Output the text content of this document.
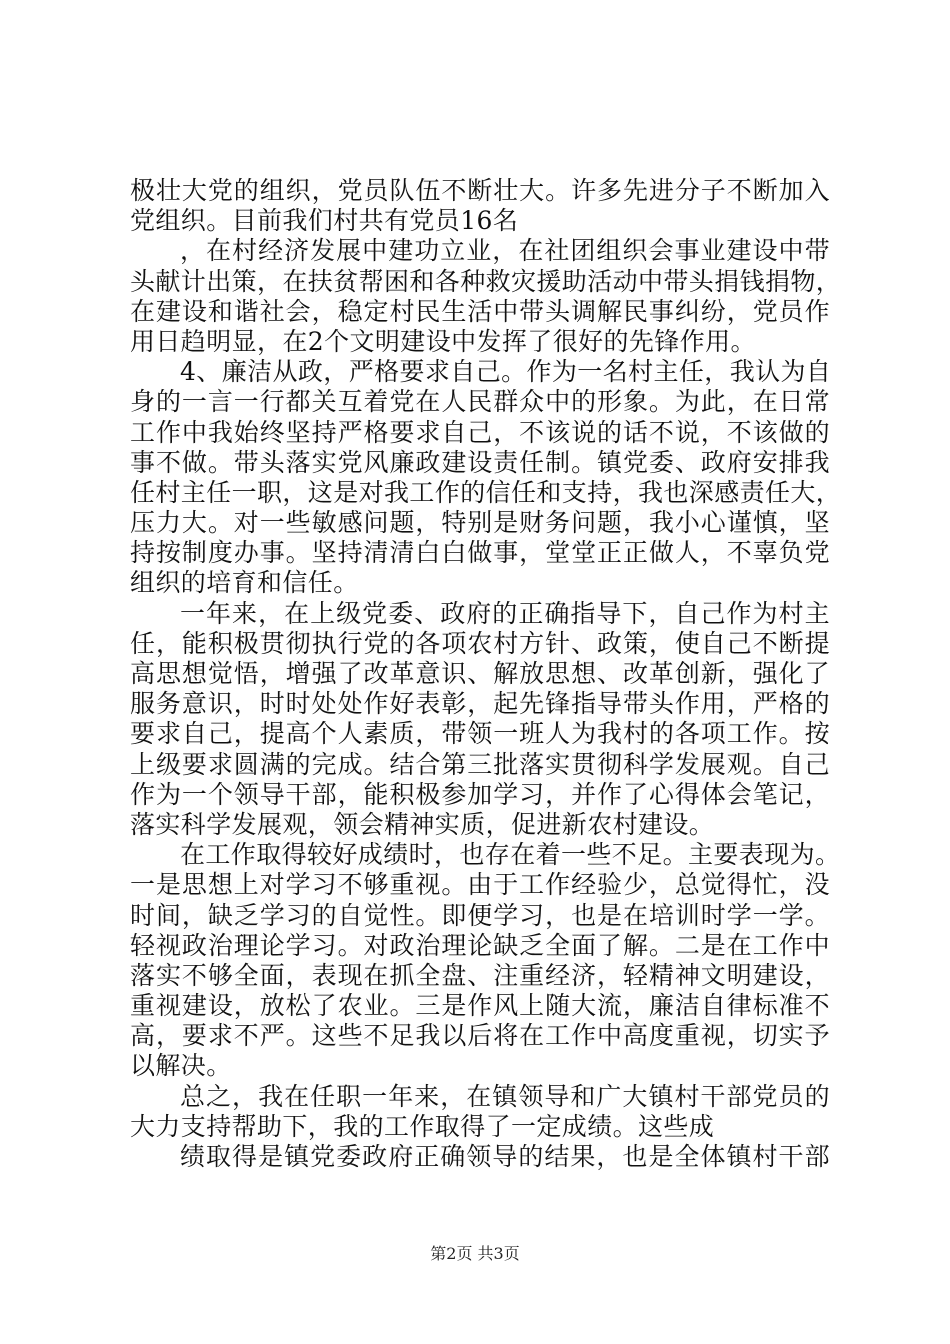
极壮大党的组织，党员队伍不断壮大。许多先进分子不断加入
党组织。目前我们村共有党员16名
，在村经济发展中建功立业，在社团组织会事业建设中带
头献计出策，在扶贫帮困和各种救灾援助活动中带头捐钱捐物，
在建设和谐社会，稳定村民生活中带头调解民事纠纷，党员作
用日趋明显，在2个文明建设中发挥了很好的先锋作用。
4、廉洁从政，严格要求自己。作为一名村主任，我认为自
身的一言一行都关互着党在人民群众中的形象。为此，在日常
工作中我始终坚持严格要求自己，不该说的话不说，不该做的
事不做。带头落实党风廉政建设责任制。镇党委、政府安排我
任村主任一职，这是对我工作的信任和支持，我也深感责任大，
压力大。对一些敏感问题，特别是财务问题，我小心谨慎，坚
持按制度办事。坚持清清白白做事，堂堂正正做人，不辜负党
组织的培育和信任。
一年来，在上级党委、政府的正确指导下，自己作为村主
任，能积极贯彻执行党的各项农村方针、政策，使自己不断提
高思想觉悟，增强了改革意识、解放思想、改革创新，强化了
服务意识，时时处处作好表彰，起先锋指导带头作用，严格的
要求自己，提高个人素质，带领一班人为我村的各项工作。按
上级要求圆满的完成。结合第三批落实贯彻科学发展观。自己
作为一个领导干部，能积极参加学习，并作了心得体会笔记，
落实科学发展观，领会精神实质，促进新农村建设。
在工作取得较好成绩时，也存在着一些不足。主要表现为。
一是思想上对学习不够重视。由于工作经验少，总觉得忙，没
时间，缺乏学习的自觉性。即便学习，也是在培训时学一学。
轻视政治理论学习。对政治理论缺乏全面了解。二是在工作中
落实不够全面，表现在抓全盘、注重经济，轻精神文明建设，
重视建设，放松了农业。三是作风上随大流，廉洁自律标准不
高，要求不严。这些不足我以后将在工作中高度重视，切实予
以解决。
总之，我在任职一年来，在镇领导和广大镇村干部党员的
大力支持帮助下，我的工作取得了一定成绩。这些成
绩取得是镇党委政府正确领导的结果，也是全体镇村干部
第2页 共3页
